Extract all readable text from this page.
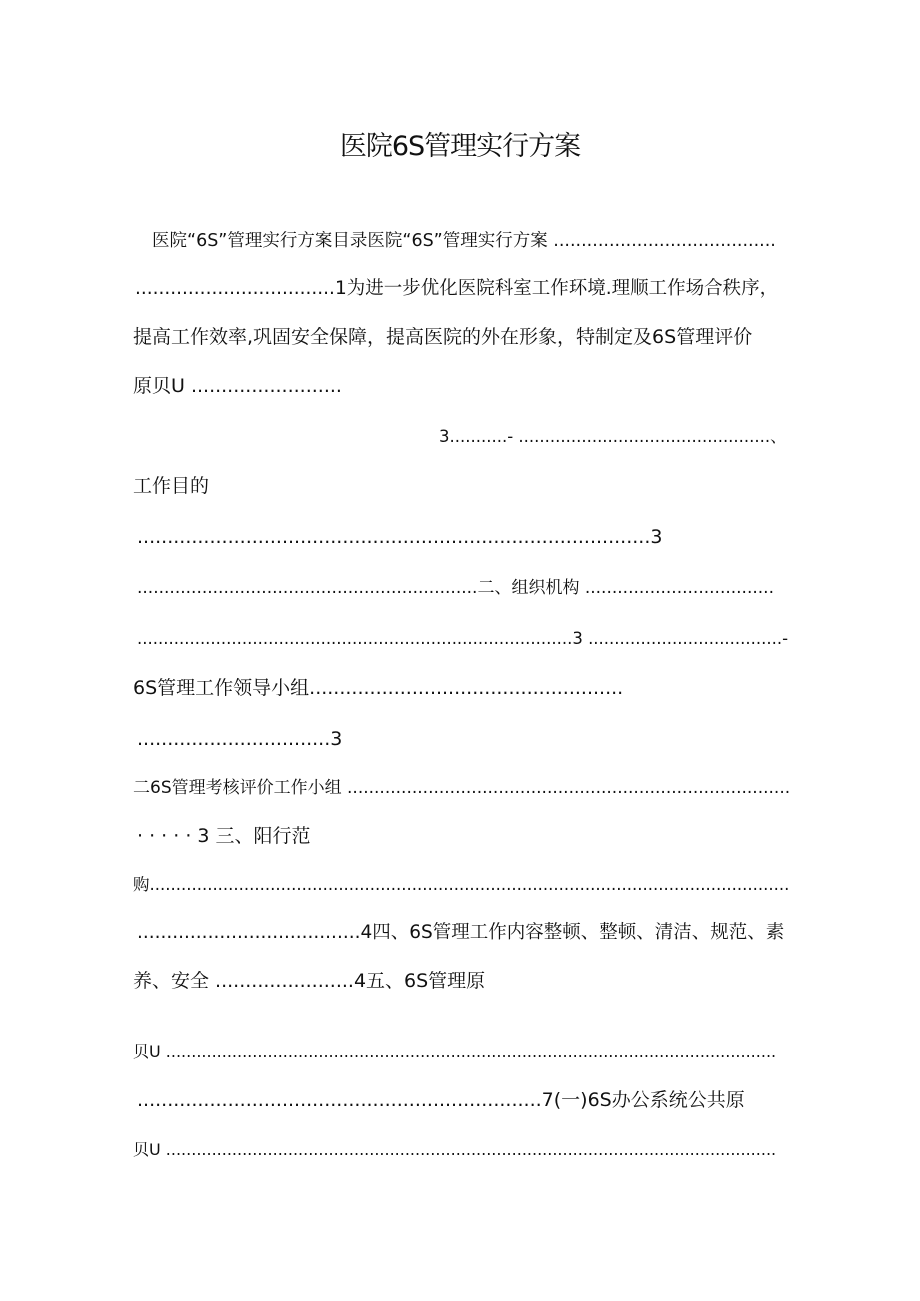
医院6S管理实行方案
医院“6S”管理实行方案目录医院“6S”管理实行方案 ........................................
..................................1为进一步优化医院科室工作环境.理顺工作场合秩序，
提高工作效率,巩固安全保障，提高医院的外在形象，特制定及6S管理评价
原贝U .........................
3...........- ................................................、
工作目的
.....................................................................................3
...............................................................二、组织机构 ...................................
...................................................................................3 .....................................-
6S管理工作领导小组....................................................
................................3
二6S管理考核评价工作小组 ..................................................................................
· · · · · 3 三、阳行范
购..........................................................................................................................
......................................4四、6S管理工作内容整顿、整顿、清洁、规范、素
养、安全 .......................4五、6S管理原
贝U ........................................................................................................................
...................................................................7(一)6S办公系统公共原
贝U ........................................................................................................................
